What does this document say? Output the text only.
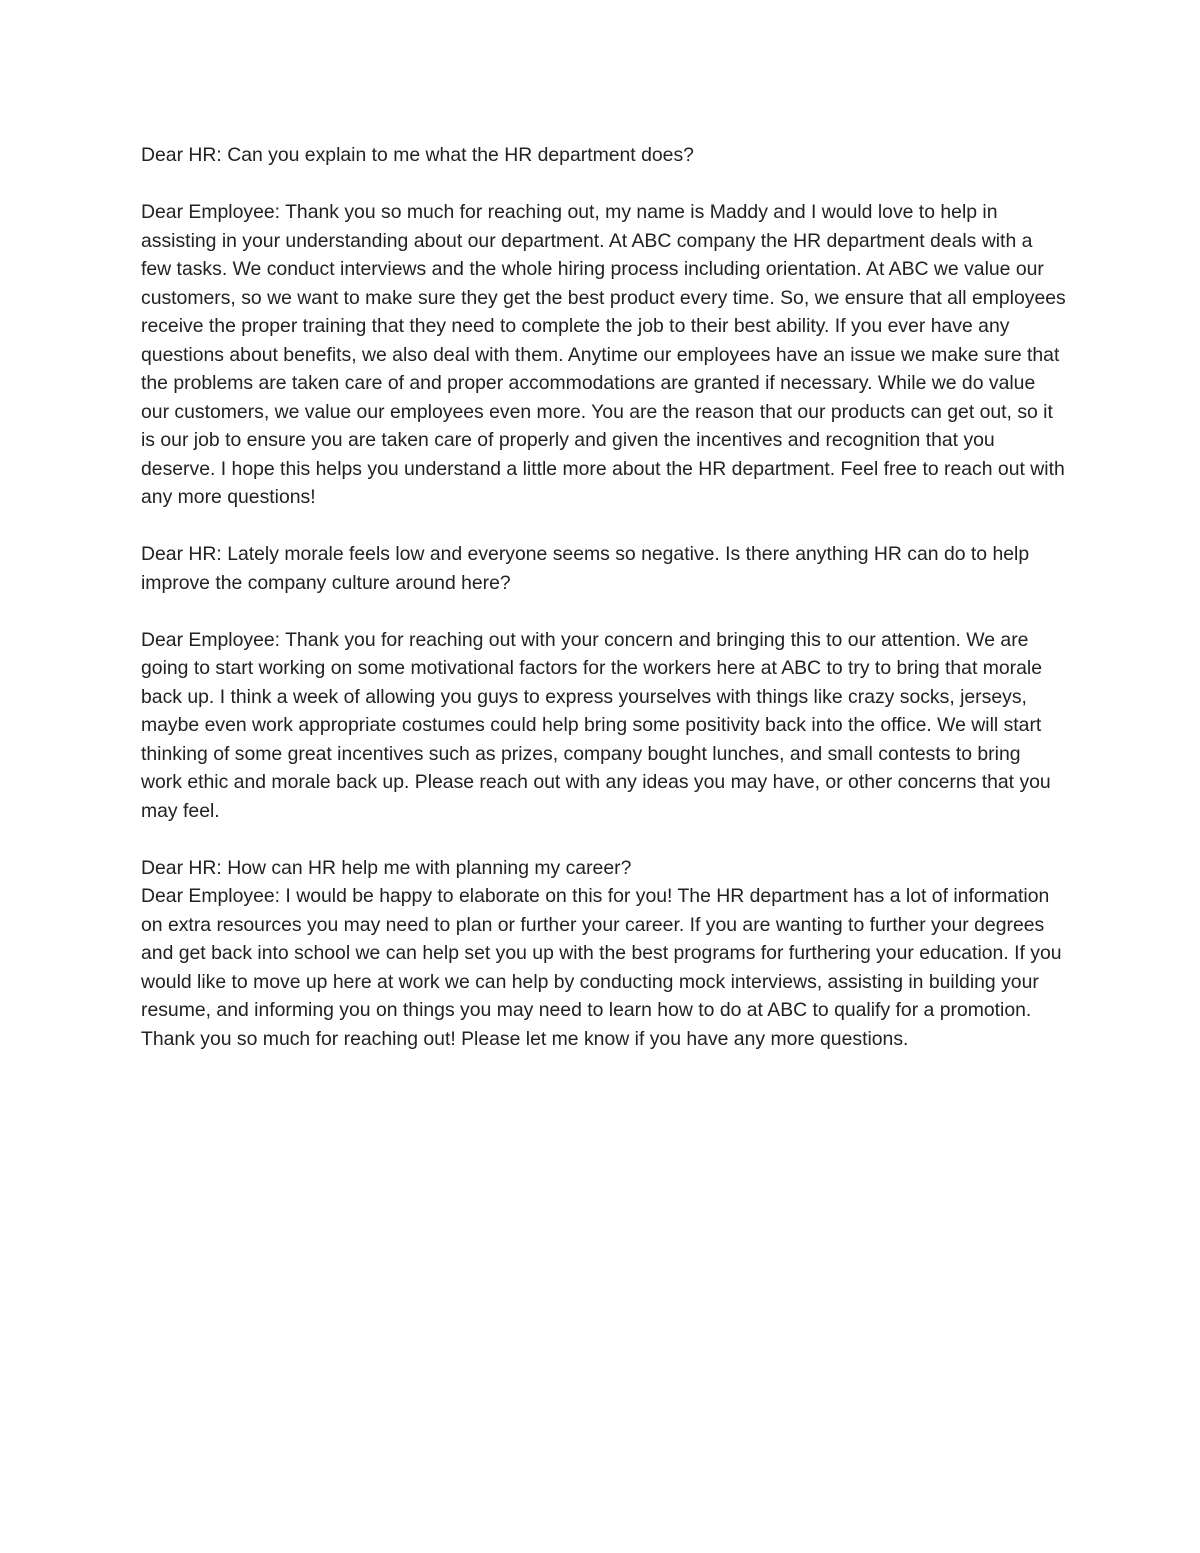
Dear HR: Can you explain to me what the HR department does?

Dear Employee: Thank you so much for reaching out, my name is Maddy and I would love to help in assisting in your understanding about our department. At ABC company the HR department deals with a few tasks. We conduct interviews and the whole hiring process including orientation. At ABC we value our customers, so we want to make sure they get the best product every time. So, we ensure that all employees receive the proper training that they need to complete the job to their best ability. If you ever have any questions about benefits, we also deal with them. Anytime our employees have an issue we make sure that the problems are taken care of and proper accommodations are granted if necessary. While we do value our customers, we value our employees even more. You are the reason that our products can get out, so it is our job to ensure you are taken care of properly and given the incentives and recognition that you deserve. I hope this helps you understand a little more about the HR department. Feel free to reach out with any more questions!

Dear HR: Lately morale feels low and everyone seems so negative. Is there anything HR can do to help improve the company culture around here?

Dear Employee: Thank you for reaching out with your concern and bringing this to our attention. We are going to start working on some motivational factors for the workers here at ABC to try to bring that morale back up. I think a week of allowing you guys to express yourselves with things like crazy socks, jerseys, maybe even work appropriate costumes could help bring some positivity back into the office. We will start thinking of some great incentives such as prizes, company bought lunches, and small contests to bring work ethic and morale back up. Please reach out with any ideas you may have, or other concerns that you may feel.

Dear HR: How can HR help me with planning my career?

Dear Employee: I would be happy to elaborate on this for you! The HR department has a lot of information on extra resources you may need to plan or further your career. If you are wanting to further your degrees and get back into school we can help set you up with the best programs for furthering your education. If you would like to move up here at work we can help by conducting mock interviews, assisting in building your resume, and informing you on things you may need to learn how to do at ABC to qualify for a promotion. Thank you so much for reaching out! Please let me know if you have any more questions.
